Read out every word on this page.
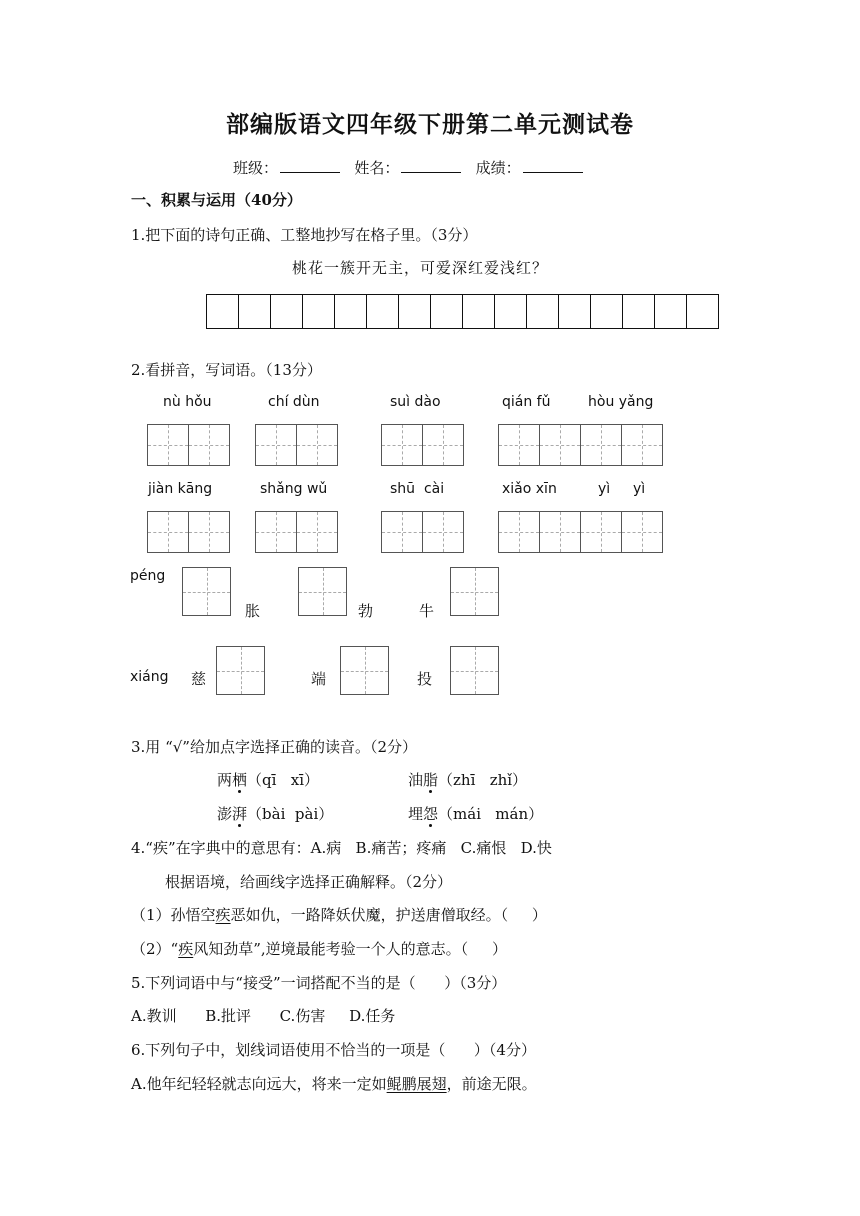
部编版语文四年级下册第二单元测试卷
班级：	姓名：	成绩：
一、积累与运用（40分）
1.把下面的诗句正确、工整地抄写在格子里。（3分）
桃花一簇开无主，可爱深红爱浅红？
2.看拼音，写词语。（13分）
nù hǒu	chí dùn	suì dào	qián fǔ	hòu yǎng
jiàn kāng	shǎng wǔ	shū  cài	xiǎo xīn	yì yì
péng
胀	勃	牛
xiáng 慈	端	投
3.用 “√”给加点字选择正确的读音。（2分）
两栖（qī   xī）	油脂（zhī   zhǐ）
澎湃（bài  pài）	埋怨（mái   mán）
4.“疾”在字典中的意思有：A.病   B.痛苦；疼痛   C.痛恨   D.快
根据语境，给画线字选择正确解释。（2分）
（1）孙悟空疾恶如仇，一路降妖伏魔，护送唐僧取经。（     ）
（2）“疾风知劲草”,逆境最能考验一个人的意志。（     ）
5.下列词语中与“接受”一词搭配不当的是（      ）（3分）
A.教训      B.批评      C.伤害     D.任务
6.下列句子中，划线词语使用不恰当的一项是（      ）（4分）
A.他年纪轻轻就志向远大，将来一定如鲲鹏展翅，前途无限。
